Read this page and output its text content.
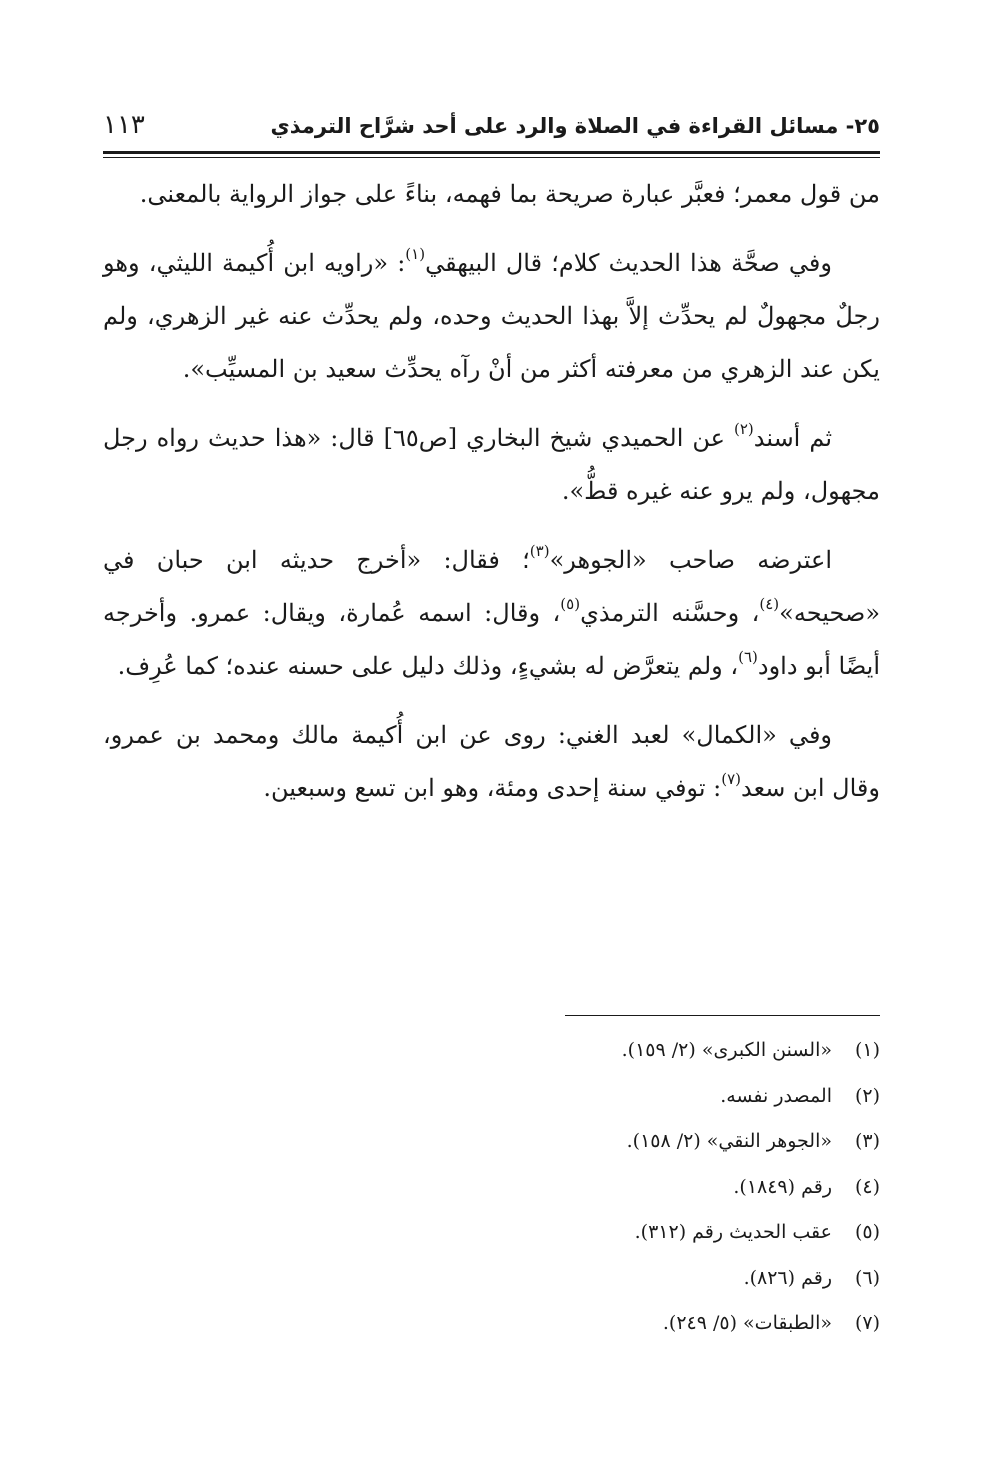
٢٥- مسائل القراءة في الصلاة والرد على أحد شرَّاح الترمذي
١١٣

من قول معمر؛ فعبَّر عبارة صريحة بما فهمه، بناءً على جواز الرواية بالمعنى.

وفي صحَّة هذا الحديث كلام؛ قال البيهقي$^{(١)}$: «راويه ابن أُكيمة الليثي، وهو رجلٌ مجهولٌ لم يحدِّث إلاَّ بهذا الحديث وحده، ولم يحدِّث عنه غير الزهري، ولم يكن عند الزهري من معرفته أكثر من أنْ رآه يحدِّث سعيد بن المسيِّب».

ثم أسند$^{(٢)}$ عن الحميدي شيخ البخاري [ص٦٥] قال: «هذا حديث رواه رجل مجهول، ولم يرو عنه غيره قطُّ».

اعترضه صاحب «الجوهر»$^{(٣)}$؛ فقال: «أخرج حديثه ابن حبان في «صحيحه»$^{(٤)}$، وحسَّنه الترمذي$^{(٥)}$، وقال: اسمه عُمارة، ويقال: عمرو. وأخرجه أيضًا أبو داود$^{(٦)}$، ولم يتعرَّض له بشيءٍ، وذلك دليل على حسنه عنده؛ كما عُرِف.

وفي «الكمال» لعبد الغني: روى عن ابن أُكيمة مالك ومحمد بن عمرو، وقال ابن سعد$^{(٧)}$: توفي سنة إحدى ومئة، وهو ابن تسع وسبعين.

(١)«السنن الكبرى» (٢/ ١٥٩).
(٢)المصدر نفسه.
(٣)«الجوهر النقي» (٢/ ١٥٨).
(٤)رقم (١٨٤٩).
(٥)عقب الحديث رقم (٣١٢).
(٦)رقم (٨٢٦).
(٧)«الطبقات» (٥/ ٢٤٩).
